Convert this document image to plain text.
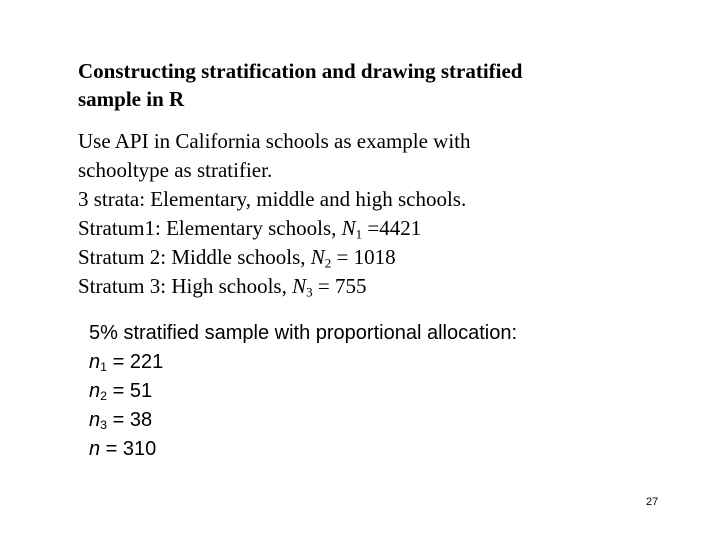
Constructing stratification and drawing stratified
sample in R
Use API in California schools as example with
schooltype as stratifier.
3 strata: Elementary, middle and high schools.
Stratum1: Elementary schools, $N_1 =4421$
Stratum 2: Middle schools, $N_2 = 1018$
Stratum 3: High schools, $N_3 = 755$
5% stratified sample with proportional allocation:
$n_1 = 221$
$n_2 = 51$
$n_3 = 38$
n = 310
27
